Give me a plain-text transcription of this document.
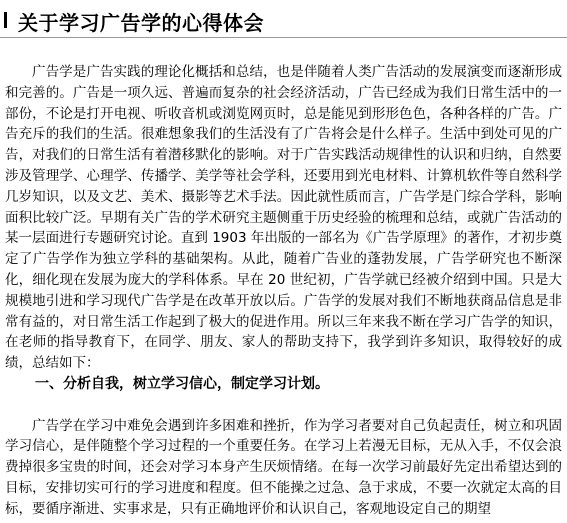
关于学习广告学的心得体会

广告学是广告实践的理论化概括和总结，也是伴随着人类广告活动的发展演变而逐渐形成和完善的。广告是一项久远、普遍而复杂的社会经济活动，广告已经成为我们日常生活中的一部份，不论是打开电视、听收音机或浏览网页时，总是能见到形形色色，各种各样的广告。广告充斥的我们的生活。很难想象我们的生活没有了广告将会是什么样子。生活中到处可见的广告，对我们的日常生活有着潜移默化的影响。对于广告实践活动规律性的认识和归纳，自然要涉及管理学、心理学、传播学、美学等社会学科，还要用到光电材料、计算机软件等自然科学几岁知识，以及文艺、美术、摄影等艺术手法。因此就性质而言，广告学是门综合学科，影响面积比较广泛。早期有关广告的学术研究主题侧重于历史经验的梳理和总结，或就广告活动的某一层面进行专题研究讨论。直到 1903 年出版的一部名为《广告学原理》的著作，才初步奠定了广告学作为独立学科的基础架构。从此，随着广告业的蓬勃发展，广告学研究也不断深化，细化现在发展为庞大的学科体系。早在 20 世纪初，广告学就已经被介绍到中国。只是大规模地引进和学习现代广告学是在改革开放以后。广告学的发展对我们不断地获商品信息是非常有益的，对日常生活工作起到了极大的促进作用。所以三年来我不断在学习广告学的知识，在老师的指导教育下，在同学、朋友、家人的帮助支持下，我学到许多知识，取得较好的成绩，总结如下：

一、分析自我，树立学习信心，制定学习计划。

广告学在学习中难免会遇到许多困难和挫折，作为学习者要对自己负起责任，树立和巩固学习信心，是伴随整个学习过程的一个重要任务。在学习上若漫无目标，无从入手，不仅会浪费掉很多宝贵的时间，还会对学习本身产生厌烦情绪。在每一次学习前最好先定出希望达到的目标，安排切实可行的学习进度和程度。但不能操之过急、急于求成，不要一次就定太高的目标，要循序渐进、实事求是，只有正确地评价和认识自己，客观地设定自己的期望
